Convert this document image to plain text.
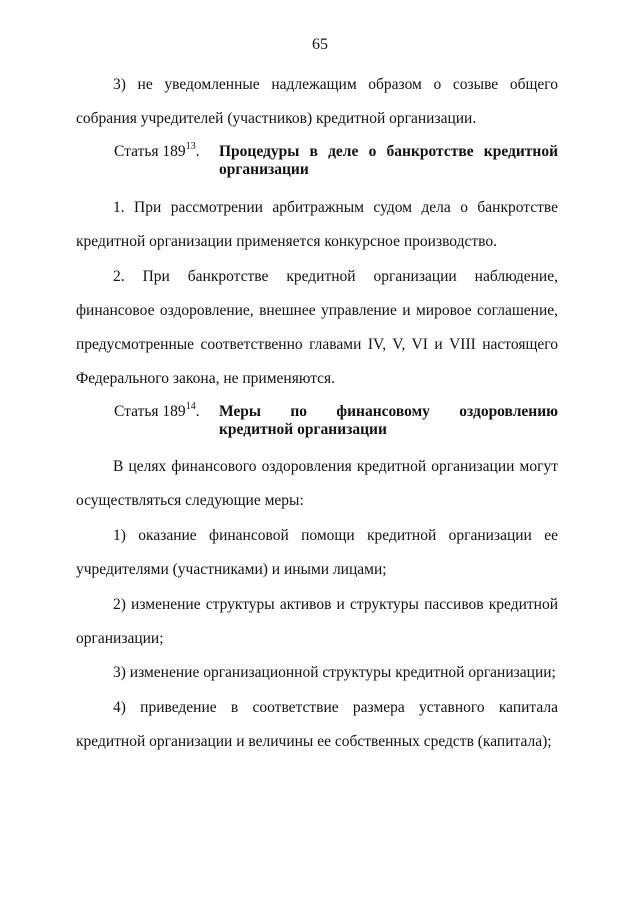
65

3) не уведомленные надлежащим образом о созыве общего собрания учредителей (участников) кредитной организации.

Статья $189^{13}$. Процедуры в деле о банкротстве кредитной организации

1. При рассмотрении арбитражным судом дела о банкротстве кредитной организации применяется конкурсное производство.

2. При банкротстве кредитной организации наблюдение, финансовое оздоровление, внешнее управление и мировое соглашение, предусмотренные соответственно главами IV, V, VI и VIII настоящего Федерального закона, не применяются.

Статья $189^{14}$. Меры по финансовому оздоровлению кредитной организации

В целях финансового оздоровления кредитной организации могут осуществляться следующие меры:

1) оказание финансовой помощи кредитной организации ее учредителями (участниками) и иными лицами;

2) изменение структуры активов и структуры пассивов кредитной организации;

3) изменение организационной структуры кредитной организации;

4) приведение в соответствие размера уставного капитала кредитной организации и величины ее собственных средств (капитала);
